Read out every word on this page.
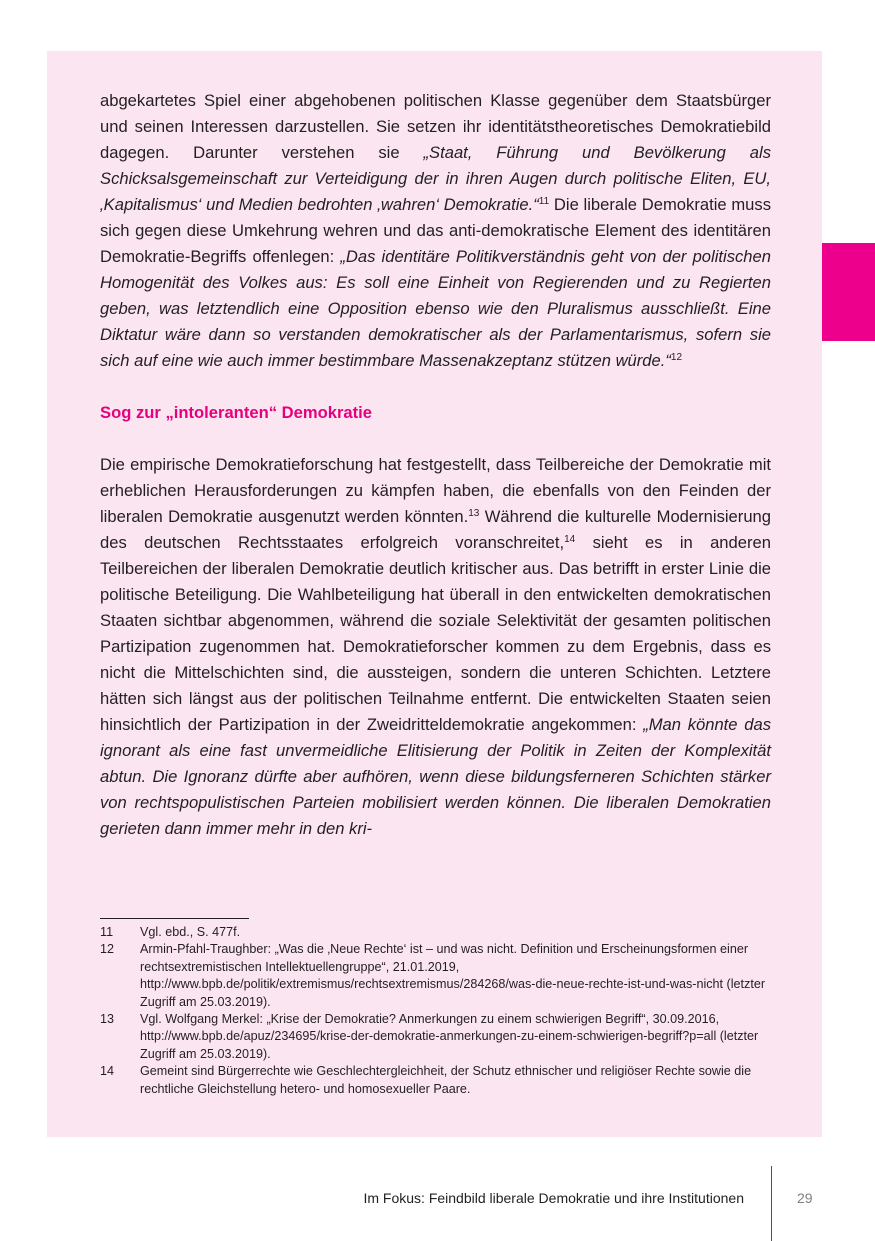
abgekartetes Spiel einer abgehobenen politischen Klasse gegenüber dem Staatsbürger und seinen Interessen darzustellen. Sie setzen ihr identitätstheoretisches Demokratiebild dagegen. Darunter verstehen sie „Staat, Führung und Bevölkerung als Schicksalsgemeinschaft zur Verteidigung der in ihren Augen durch politische Eliten, EU, ‚Kapitalismus‘ und Medien bedrohten ‚wahren‘ Demokratie.“$^{11}$ Die liberale Demokratie muss sich gegen diese Umkehrung wehren und das anti-demokratische Element des identitären Demokratie-Begriffs offenlegen: „Das identitäre Politikverständnis geht von der politischen Homogenität des Volkes aus: Es soll eine Einheit von Regierenden und zu Regierten geben, was letztendlich eine Opposition ebenso wie den Pluralismus ausschließt. Eine Diktatur wäre dann so verstanden demokratischer als der Parlamentarismus, sofern sie sich auf eine wie auch immer bestimmbare Massenakzeptanz stützen würde.“$^{12}$

Sog zur „intoleranten“ Demokratie

Die empirische Demokratieforschung hat festgestellt, dass Teilbereiche der Demokratie mit erheblichen Herausforderungen zu kämpfen haben, die ebenfalls von den Feinden der liberalen Demokratie ausgenutzt werden könnten.$^{13}$ Während die kulturelle Modernisierung des deutschen Rechtsstaates erfolgreich voranschreitet,$^{14}$ sieht es in anderen Teilbereichen der liberalen Demokratie deutlich kritischer aus. Das betrifft in erster Linie die politische Beteiligung. Die Wahlbeteiligung hat überall in den entwickelten demokratischen Staaten sichtbar abgenommen, während die soziale Selektivität der gesamten politischen Partizipation zugenommen hat. Demokratieforscher kommen zu dem Ergebnis, dass es nicht die Mittelschichten sind, die aussteigen, sondern die unteren Schichten. Letztere hätten sich längst aus der politischen Teilnahme entfernt. Die entwickelten Staaten seien hinsichtlich der Partizipation in der Zweidritteldemokratie angekommen: „Man könnte das ignorant als eine fast unvermeidliche Elitisierung der Politik in Zeiten der Komplexität abtun. Die Ignoranz dürfte aber aufhören, wenn diese bildungsferneren Schichten stärker von rechtspopulistischen Parteien mobilisiert werden können. Die liberalen Demokratien gerieten dann immer mehr in den kri-

11	Vgl. ebd., S. 477f.
12	Armin-Pfahl-Traughber: „Was die ‚Neue Rechte‘ ist – und was nicht. Definition und Erscheinungsformen einer rechtsextremistischen Intellektuellengruppe“, 21.01.2019, http://www.bpb.de/politik/extremismus/rechtsextremismus/284268/was-die-neue-rechte-ist-und-was-nicht (letzter Zugriff am 25.03.2019).
13	Vgl. Wolfgang Merkel: „Krise der Demokratie? Anmerkungen zu einem schwierigen Begriff“, 30.09.2016, http://www.bpb.de/apuz/234695/krise-der-demokratie-anmerkungen-zu-einem-schwierigen-begriff?p=all (letzter Zugriff am 25.03.2019).
14	Gemeint sind Bürgerrechte wie Geschlechtergleichheit, der Schutz ethnischer und religiöser Rechte sowie die rechtliche Gleichstellung hetero- und homosexueller Paare.
Im Fokus: Feindbild liberale Demokratie und ihre Institutionen	29
